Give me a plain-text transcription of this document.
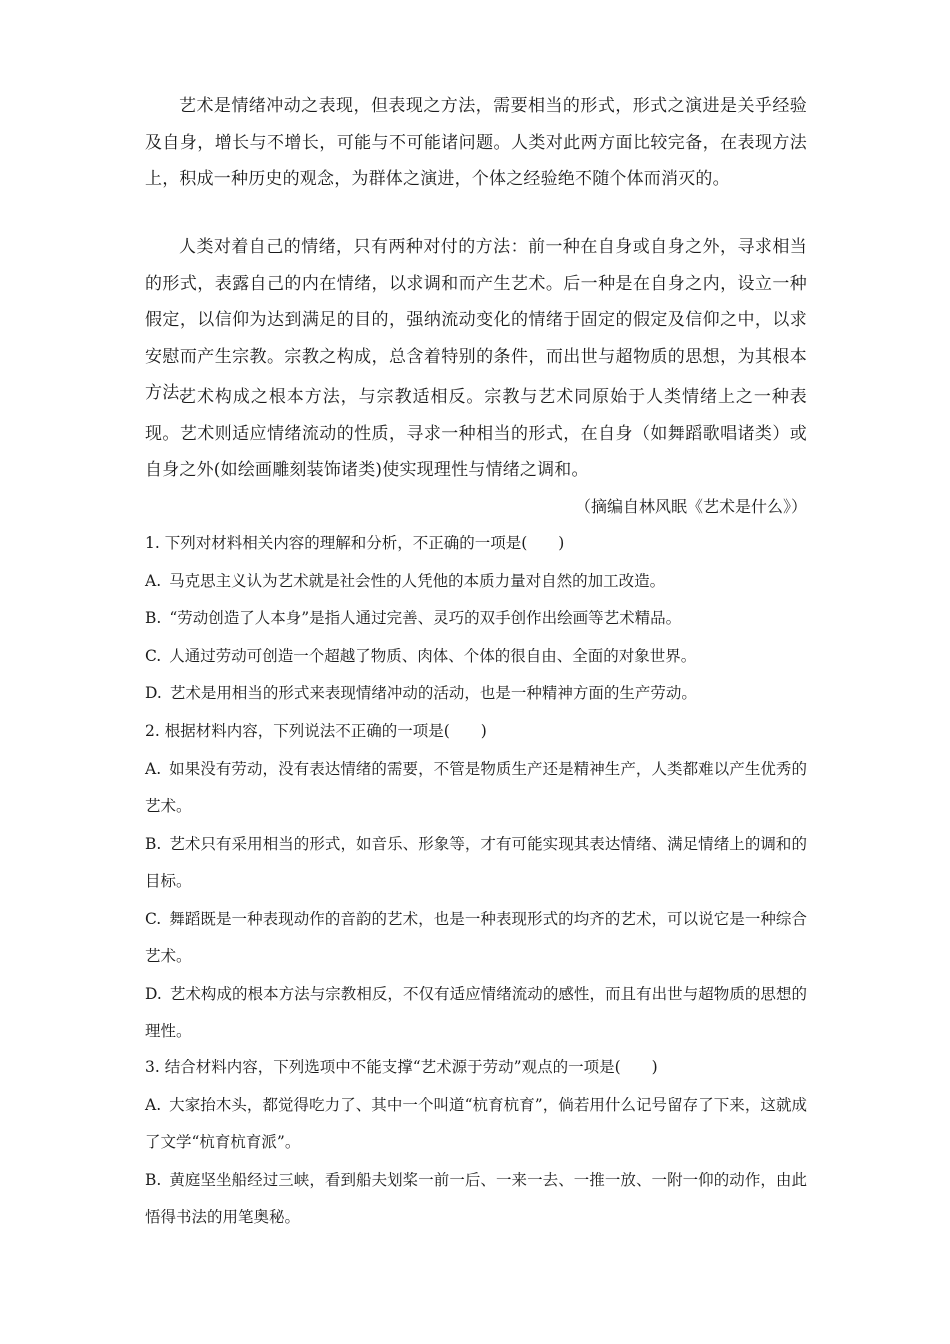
艺术是情绪冲动之表现，但表现之方法，需要相当的形式，形式之演进是关乎经验及自身，增长与不增长，可能与不可能诸问题。人类对此两方面比较完备，在表现方法上，积成一种历史的观念，为群体之演进，个体之经验绝不随个体而消灭的。

人类对着自己的情绪，只有两种对付的方法：前一种在自身或自身之外，寻求相当的形式，表露自己的内在情绪，以求调和而产生艺术。后一种是在自身之内，设立一种假定，以信仰为达到满足的目的，强纳流动变化的情绪于固定的假定及信仰之中，以求安慰而产生宗教。宗教之构成，总含着特别的条件，而出世与超物质的思想，为其根本方法。

艺术构成之根本方法，与宗教适相反。宗教与艺术同原始于人类情绪上之一种表现。艺术则适应情绪流动的性质，寻求一种相当的形式，在自身（如舞蹈歌唱诸类）或自身之外(如绘画雕刻装饰诸类)使实现理性与情绪之调和。

（摘编自林风眠《艺术是什么》）

1. 下列对材料相关内容的理解和分析，不正确的一项是(　　)
A. 马克思主义认为艺术就是社会性的人凭他的本质力量对自然的加工改造。
B. “劳动创造了人本身”是指人通过完善、灵巧的双手创作出绘画等艺术精品。
C. 人通过劳动可创造一个超越了物质、肉体、个体的很自由、全面的对象世界。
D. 艺术是用相当的形式来表现情绪冲动的活动，也是一种精神方面的生产劳动。
2. 根据材料内容，下列说法不正确的一项是(　　)
A. 如果没有劳动，没有表达情绪的需要，不管是物质生产还是精神生产，人类都难以产生优秀的艺术。
B. 艺术只有采用相当的形式，如音乐、形象等，才有可能实现其表达情绪、满足情绪上的调和的目标。
C. 舞蹈既是一种表现动作的音韵的艺术，也是一种表现形式的均齐的艺术，可以说它是一种综合艺术。
D. 艺术构成的根本方法与宗教相反，不仅有适应情绪流动的感性，而且有出世与超物质的思想的理性。
3. 结合材料内容，下列选项中不能支撑“艺术源于劳动”观点的一项是(　　)
A. 大家抬木头，都觉得吃力了、其中一个叫道“杭育杭育”，倘若用什么记号留存了下来，这就成了文学“杭育杭育派”。
B. 黄庭坚坐船经过三峡，看到船夫划桨一前一后、一来一去、一推一放、一附一仰的动作，由此悟得书法的用笔奥秘。
